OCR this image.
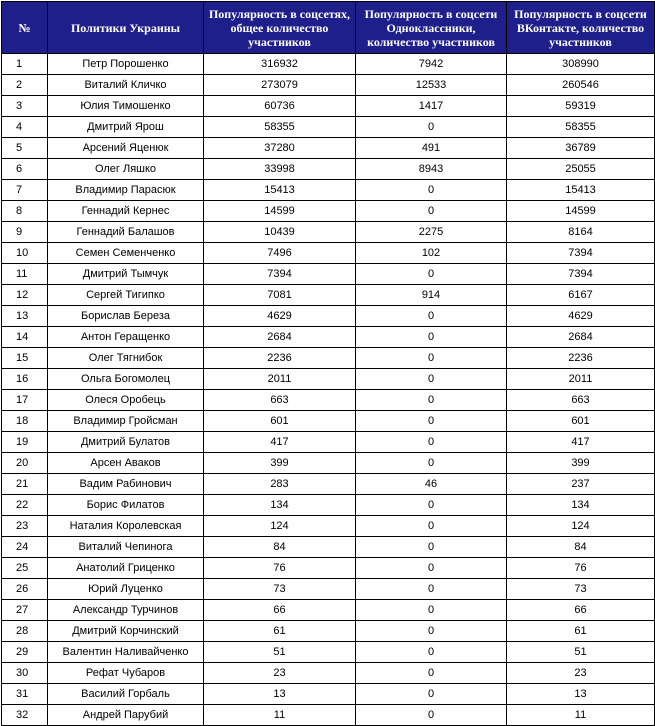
№	Политики Украины	Популярность в соцсетях, общее количество участников	Популярность в соцсети Одноклассники, количество участников	Популярность в соцсети ВКонтакте, количество участников
1	Петр Порошенко	316932	7942	308990
2	Виталий Кличко	273079	12533	260546
3	Юлия Тимошенко	60736	1417	59319
4	Дмитрий Ярош	58355	0	58355
5	Арсений Яценюк	37280	491	36789
6	Олег Ляшко	33998	8943	25055
7	Владимир Парасюк	15413	0	15413
8	Геннадий Кернес	14599	0	14599
9	Геннадий Балашов	10439	2275	8164
10	Семен Семенченко	7496	102	7394
11	Дмитрий Тымчук	7394	0	7394
12	Сергей Тигипко	7081	914	6167
13	Борислав Береза	4629	0	4629
14	Антон Геращенко	2684	0	2684
15	Олег Тягнибок	2236	0	2236
16	Ольга Богомолец	2011	0	2011
17	Олеся Оробець	663	0	663
18	Владимир Гройсман	601	0	601
19	Дмитрий Булатов	417	0	417
20	Арсен Аваков	399	0	399
21	Вадим Рабинович	283	46	237
22	Борис Филатов	134	0	134
23	Наталия Королевская	124	0	124
24	Виталий Чепинога	84	0	84
25	Анатолий Гриценко	76	0	76
26	Юрий Луценко	73	0	73
27	Александр Турчинов	66	0	66
28	Дмитрий Корчинский	61	0	61
29	Валентин Наливайченко	51	0	51
30	Рефат Чубаров	23	0	23
31	Василий Горбаль	13	0	13
32	Андрей Парубий	11	0	11
